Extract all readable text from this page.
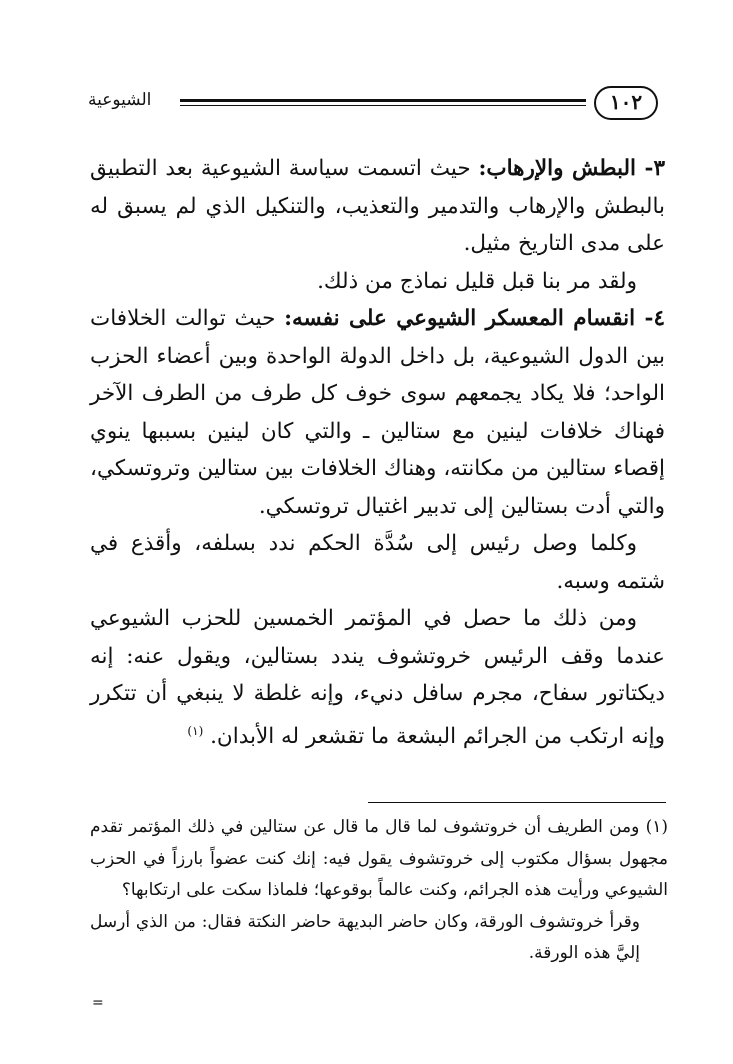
١٠٢
الشيوعية

٣- البطش والإرهاب: حيث اتسمت سياسة الشيوعية بعد التطبيق بالبطش والإرهاب والتدمير والتعذيب، والتنكيل الذي لم يسبق له على مدى التاريخ مثيل.

ولقد مر بنا قبل قليل نماذج من ذلك.

٤- انقسام المعسكر الشيوعي على نفسه: حيث توالت الخلافات بين الدول الشيوعية، بل داخل الدولة الواحدة وبين أعضاء الحزب الواحد؛ فلا يكاد يجمعهم سوى خوف كل طرف من الطرف الآخر فهناك خلافات لينين مع ستالين ـ والتي كان لينين بسببها ينوي إقصاء ستالين من مكانته، وهناك الخلافات بين ستالين وتروتسكي، والتي أدت بستالين إلى تدبير اغتيال تروتسكي.

وكلما وصل رئيس إلى سُدَّة الحكم ندد بسلفه، وأقذع في شتمه وسبه.

ومن ذلك ما حصل في المؤتمر الخمسين للحزب الشيوعي عندما وقف الرئيس خروتشوف يندد بستالين، ويقول عنه: إنه ديكتاتور سفاح، مجرم سافل دنيء، وإنه غلطة لا ينبغي أن تتكرر وإنه ارتكب من الجرائم البشعة ما تقشعر له الأبدان. $^{(١)}$

(١) ومن الطريف أن خروتشوف لما قال ما قال عن ستالين في ذلك المؤتمر تقدم مجهول بسؤال مكتوب إلى خروتشوف يقول فيه: إنك كنت عضواً بارزاً في الحزب الشيوعي ورأيت هذه الجرائم، وكنت عالماً بوقوعها؛ فلماذا سكت على ارتكابها؟

وقرأ خروتشوف الورقة، وكان حاضر البديهة حاضر النكتة فقال: من الذي أرسل إليَّ هذه الورقة.

=
